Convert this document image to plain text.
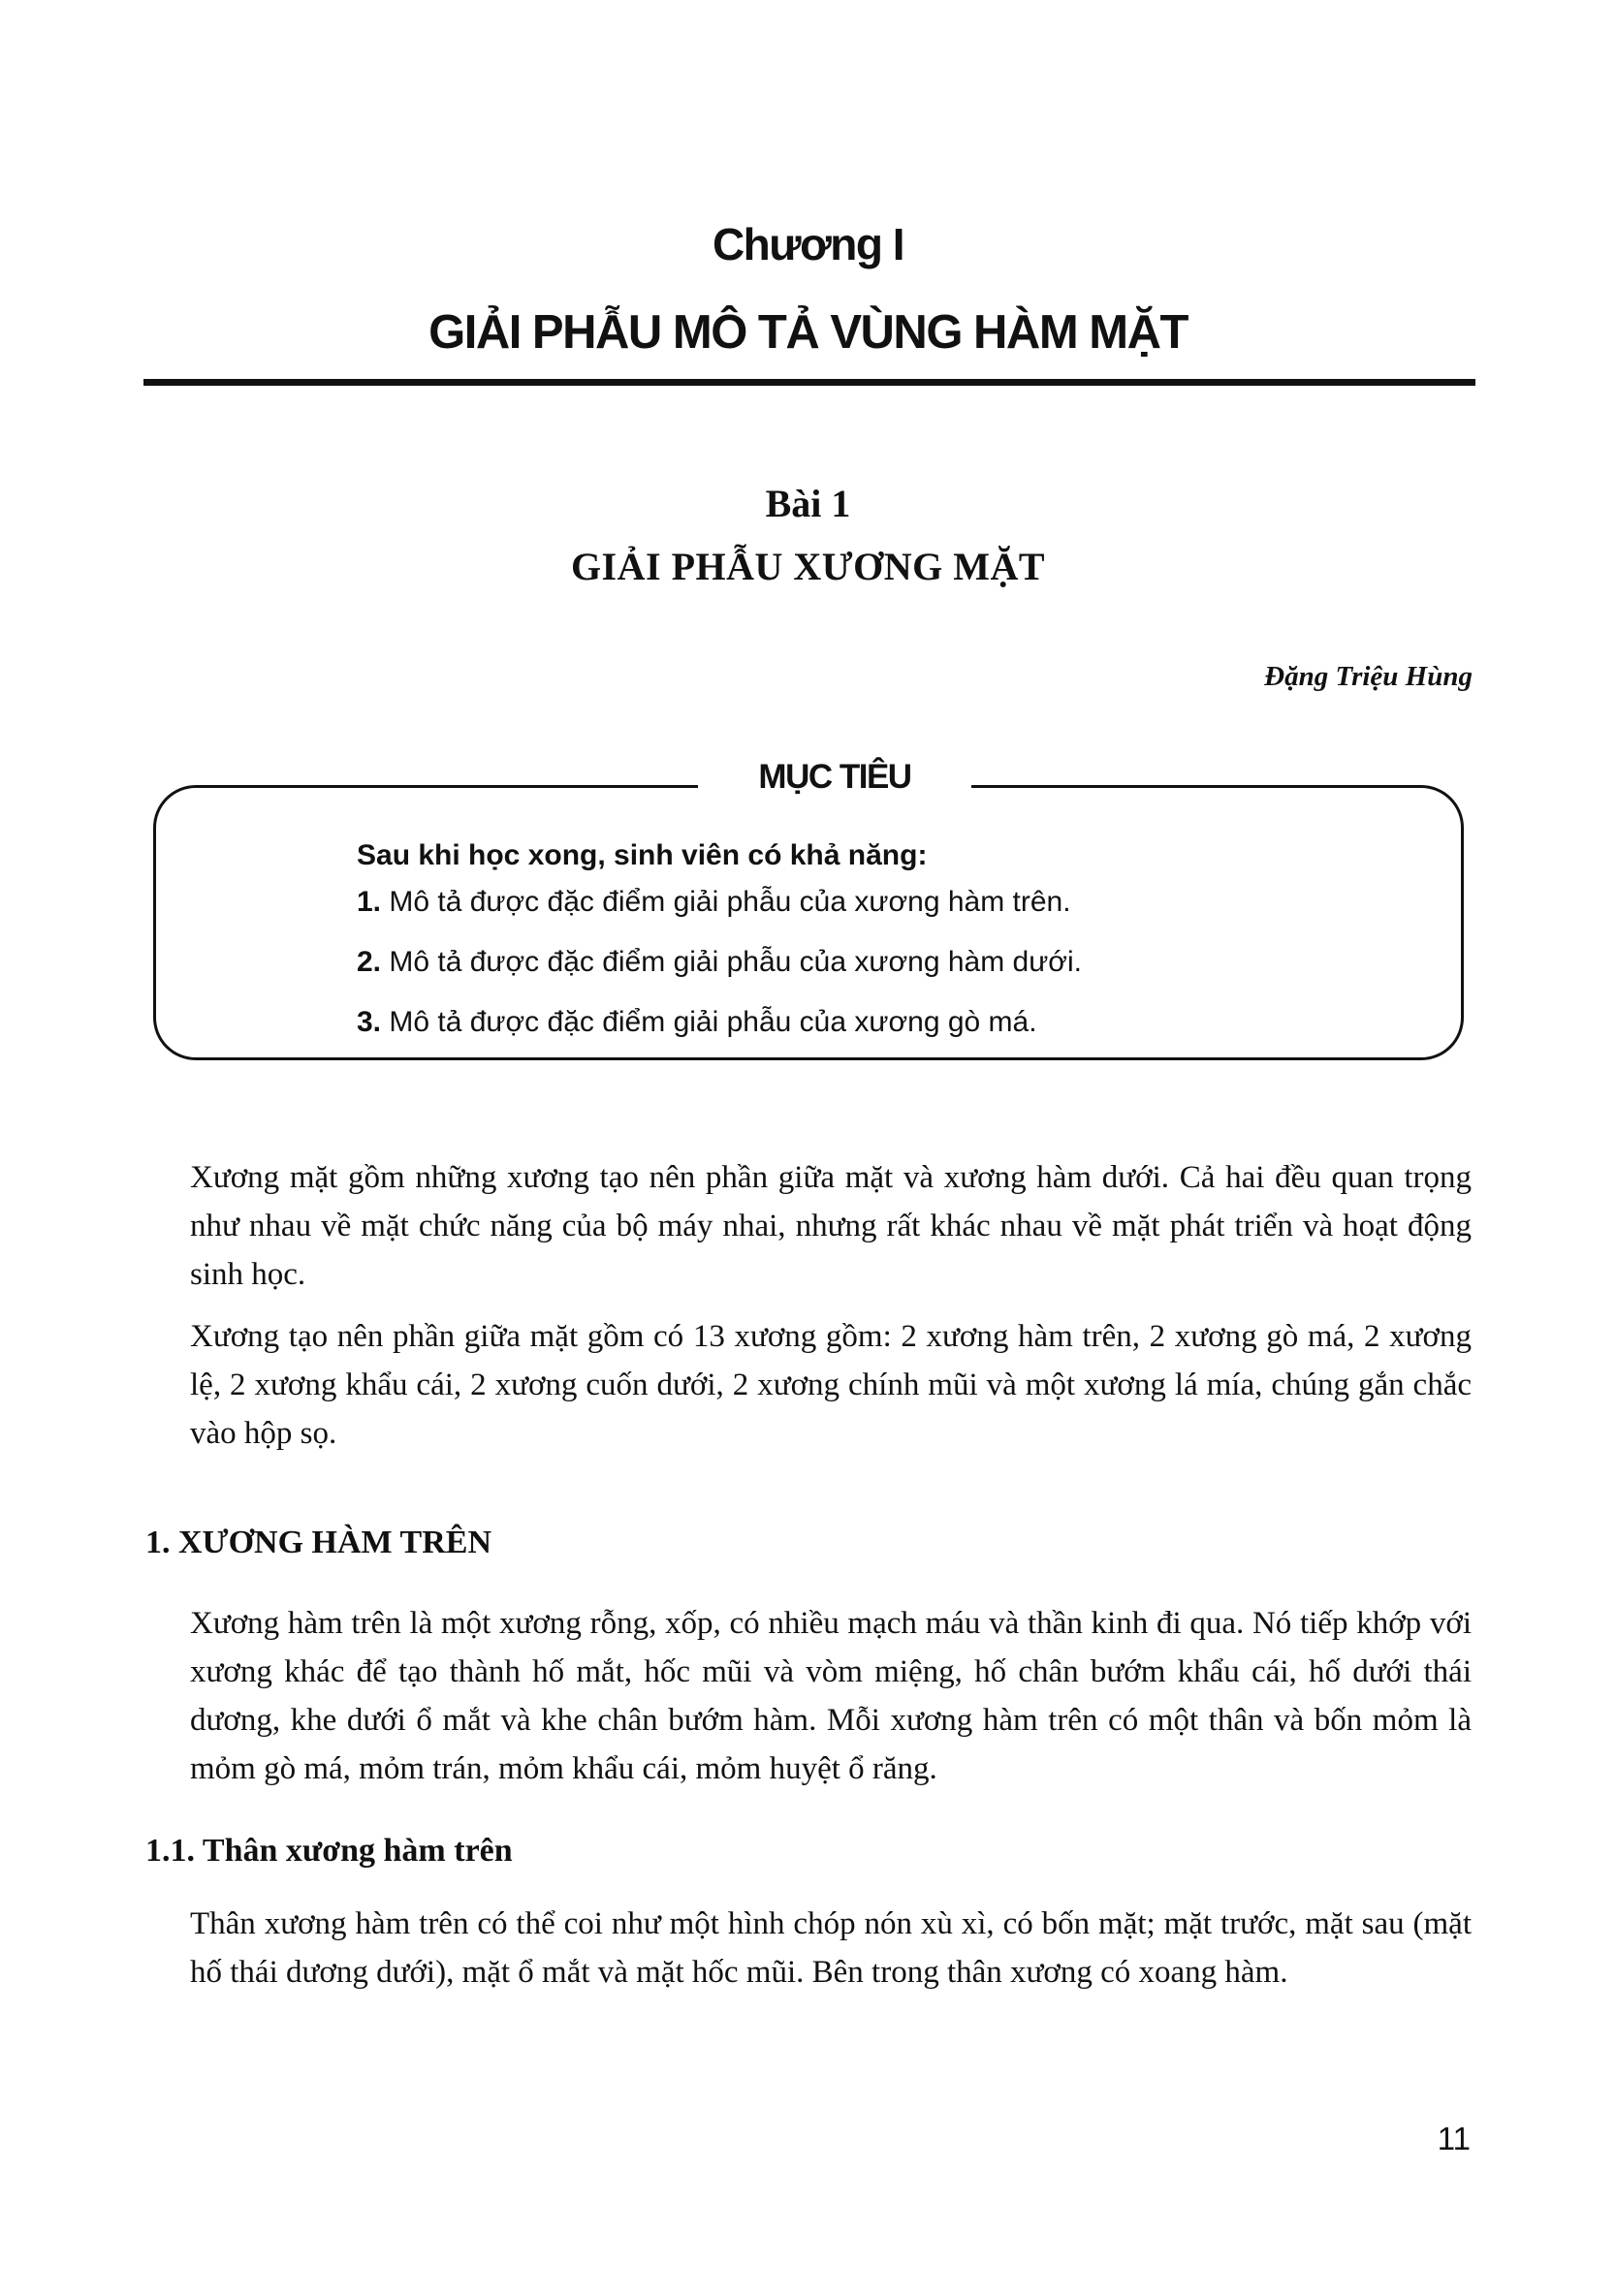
Chương I
GIẢI PHẪU MÔ TẢ VÙNG HÀM MẶT
Bài 1
GIẢI PHẪU XƯƠNG MẶT
Đặng Triệu Hùng
MỤC TIÊU
Sau khi học xong, sinh viên có khả năng:
1. Mô tả được đặc điểm giải phẫu của xương hàm trên.
2. Mô tả được đặc điểm giải phẫu của xương hàm dưới.
3. Mô tả được đặc điểm giải phẫu của xương gò má.

Xương mặt gồm những xương tạo nên phần giữa mặt và xương hàm dưới. Cả hai đều quan trọng như nhau về mặt chức năng của bộ máy nhai, nhưng rất khác nhau về mặt phát triển và hoạt động sinh học.

Xương tạo nên phần giữa mặt gồm có 13 xương gồm: 2 xương hàm trên, 2 xương gò má, 2 xương lệ, 2 xương khẩu cái, 2 xương cuốn dưới, 2 xương chính mũi và một xương lá mía, chúng gắn chắc vào hộp sọ.

1. XƯƠNG HÀM TRÊN

Xương hàm trên là một xương rỗng, xốp, có nhiều mạch máu và thần kinh đi qua. Nó tiếp khớp với xương khác để tạo thành hố mắt, hốc mũi và vòm miệng, hố chân bướm khẩu cái, hố dưới thái dương, khe dưới ổ mắt và khe chân bướm hàm. Mỗi xương hàm trên có một thân và bốn mỏm là mỏm gò má, mỏm trán, mỏm khẩu cái, mỏm huyệt ổ răng.

1.1. Thân xương hàm trên

Thân xương hàm trên có thể coi như một hình chóp nón xù xì, có bốn mặt; mặt trước, mặt sau (mặt hố thái dương dưới), mặt ổ mắt và mặt hốc mũi. Bên trong thân xương có xoang hàm.

11
